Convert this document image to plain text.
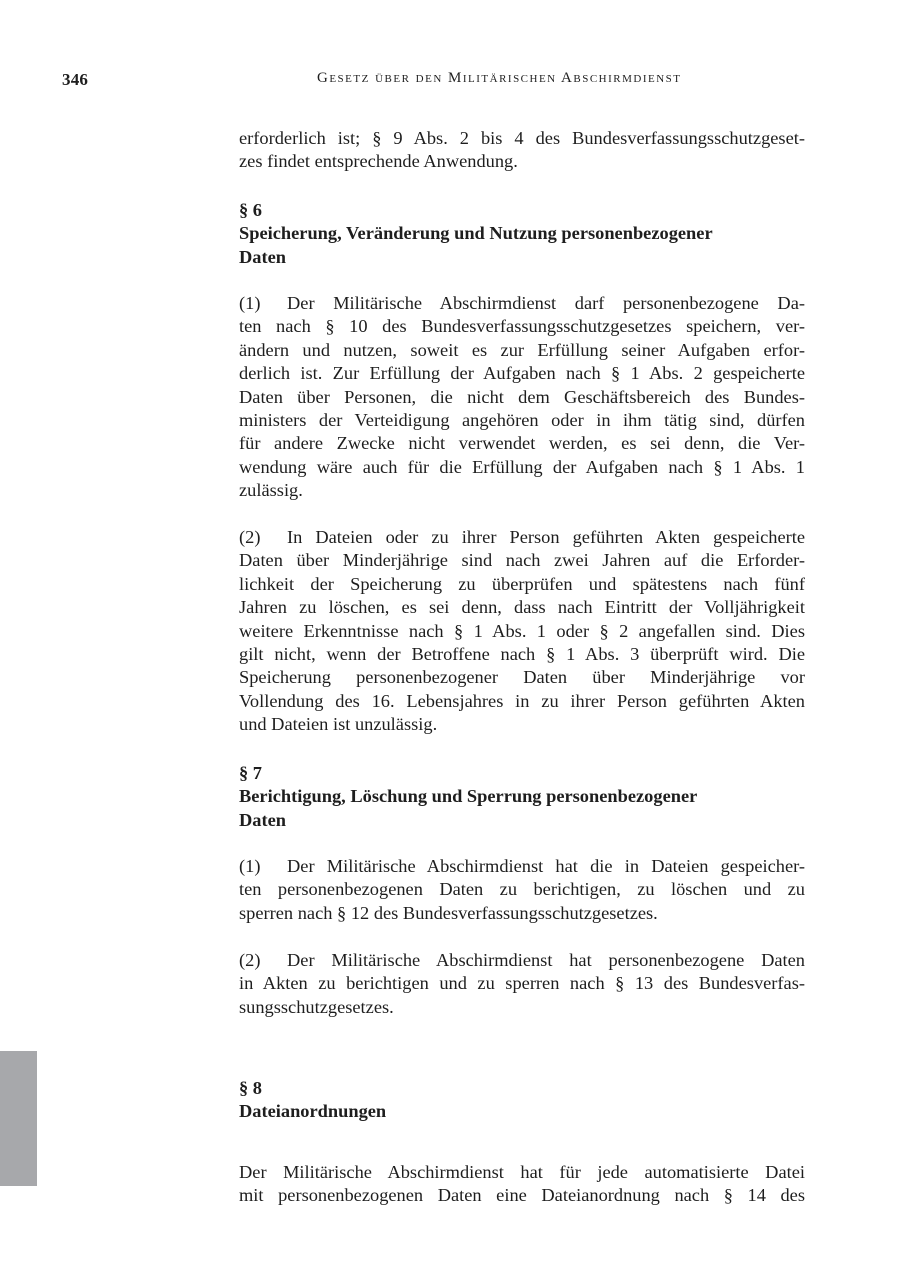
346	Gesetz über den Militärischen Abschirmdienst

erforderlich ist; § 9 Abs. 2 bis 4 des Bundesverfassungsschutzgeset-
zes findet entsprechende Anwendung.

§ 6
Speicherung, Veränderung und Nutzung personenbezogener
Daten

(1) Der Militärische Abschirmdienst darf personenbezogene Da-
ten nach § 10 des Bundesverfassungsschutzgesetzes speichern, ver-
ändern und nutzen, soweit es zur Erfüllung seiner Aufgaben erfor-
derlich ist. Zur Erfüllung der Aufgaben nach § 1 Abs. 2 gespeicherte
Daten über Personen, die nicht dem Geschäftsbereich des Bundes-
ministers der Verteidigung angehören oder in ihm tätig sind, dürfen
für andere Zwecke nicht verwendet werden, es sei denn, die Ver-
wendung wäre auch für die Erfüllung der Aufgaben nach § 1 Abs. 1
zulässig.

(2) In Dateien oder zu ihrer Person geführten Akten gespeicherte
Daten über Minderjährige sind nach zwei Jahren auf die Erforder-
lichkeit der Speicherung zu überprüfen und spätestens nach fünf
Jahren zu löschen, es sei denn, dass nach Eintritt der Volljährigkeit
weitere Erkenntnisse nach § 1 Abs. 1 oder § 2 angefallen sind. Dies
gilt nicht, wenn der Betroffene nach § 1 Abs. 3 überprüft wird. Die
Speicherung personenbezogener Daten über Minderjährige vor
Vollendung des 16. Lebensjahres in zu ihrer Person geführten Akten
und Dateien ist unzulässig.

§ 7
Berichtigung, Löschung und Sperrung personenbezogener
Daten

(1) Der Militärische Abschirmdienst hat die in Dateien gespeicher-
ten personenbezogenen Daten zu berichtigen, zu löschen und zu
sperren nach § 12 des Bundesverfassungsschutzgesetzes.

(2) Der Militärische Abschirmdienst hat personenbezogene Daten
in Akten zu berichtigen und zu sperren nach § 13 des Bundesverfas-
sungsschutzgesetzes.

§ 8
Dateianordnungen

Der Militärische Abschirmdienst hat für jede automatisierte Datei
mit personenbezogenen Daten eine Dateianordnung nach § 14 des
